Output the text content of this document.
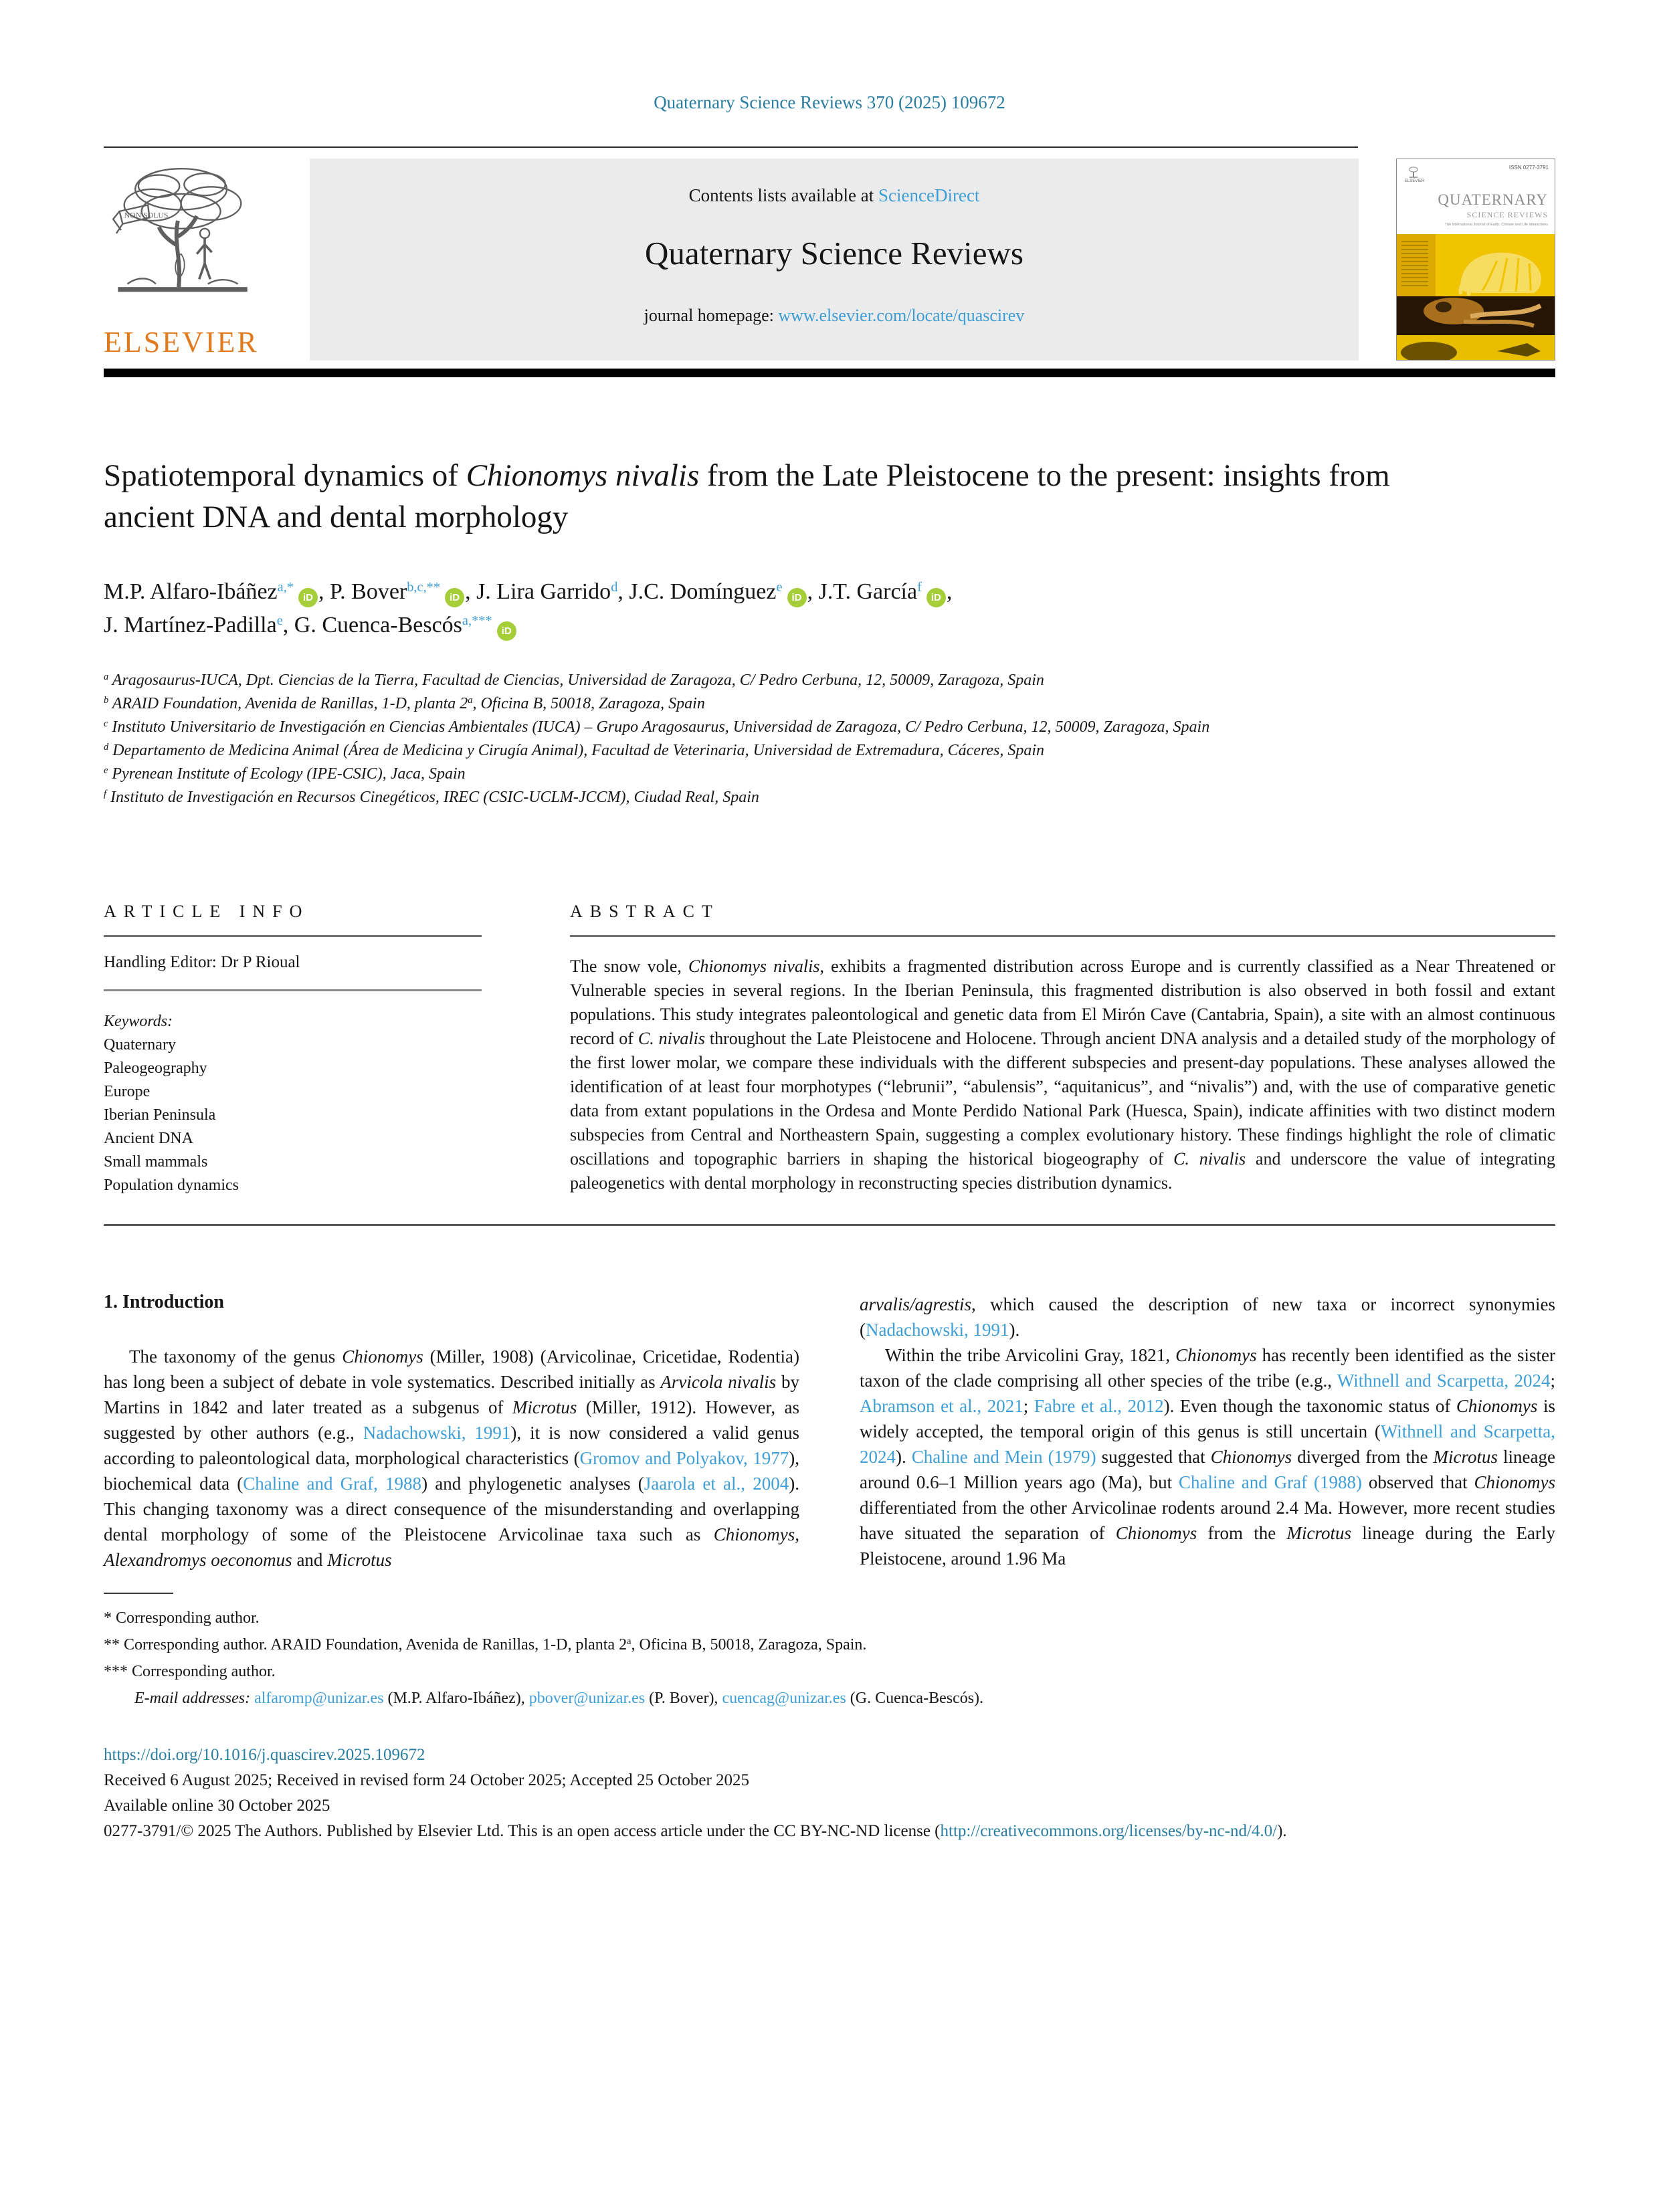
Quaternary Science Reviews 370 (2025) 109672
NON SOLUS
ELSEVIER
Contents lists available at ScienceDirect
Quaternary Science Reviews
journal homepage: www.elsevier.com/locate/quascirev
ISSN 0277-3791
ELSEVIER
QUATERNARY
SCIENCE REVIEWS
The International Journal of Earth, Climate and Life Interactions
Spatiotemporal dynamics of Chionomys nivalis from the Late Pleistocene to the present: insights from ancient DNA and dental morphology
M.P. Alfaro-Ibáñez$^{a,*}$iD , P. Bover$^{b,c,**}$iD , J. Lira Garrido$^d$, J.C. Domínguez$^e$iD , J.T. García$^f$iD ,
J. Martínez-Padilla$^e$, G. Cuenca-Bescós$^{a,***}$iD
$^a$ Aragosaurus-IUCA, Dpt. Ciencias de la Tierra, Facultad de Ciencias, Universidad de Zaragoza, C/ Pedro Cerbuna, 12, 50009, Zaragoza, Spain
$^b$ ARAID Foundation, Avenida de Ranillas, 1-D, planta 2$^a$, Oficina B, 50018, Zaragoza, Spain
$^c$ Instituto Universitario de Investigación en Ciencias Ambientales (IUCA) – Grupo Aragosaurus, Universidad de Zaragoza, C/ Pedro Cerbuna, 12, 50009, Zaragoza, Spain
$^d$ Departamento de Medicina Animal (Área de Medicina y Cirugía Animal), Facultad de Veterinaria, Universidad de Extremadura, Cáceres, Spain
$^e$ Pyrenean Institute of Ecology (IPE-CSIC), Jaca, Spain
$^f$ Instituto de Investigación en Recursos Cinegéticos, IREC (CSIC-UCLM-JCCM), Ciudad Real, Spain
ARTICLE INFO
Handling Editor: Dr P Rioual
Keywords:
Quaternary
Paleogeography
Europe
Iberian Peninsula
Ancient DNA
Small mammals
Population dynamics
ABSTRACT
The snow vole, Chionomys nivalis, exhibits a fragmented distribution across Europe and is currently classified as a Near Threatened or Vulnerable species in several regions. In the Iberian Peninsula, this fragmented distribution is also observed in both fossil and extant populations. This study integrates paleontological and genetic data from El Mirón Cave (Cantabria, Spain), a site with an almost continuous record of C. nivalis throughout the Late Pleistocene and Holocene. Through ancient DNA analysis and a detailed study of the morphology of the first lower molar, we compare these individuals with the different subspecies and present-day populations. These analyses allowed the identification of at least four morphotypes (“lebrunii”, “abulensis”, “aquitanicus”, and “nivalis”) and, with the use of comparative genetic data from extant populations in the Ordesa and Monte Perdido National Park (Huesca, Spain), indicate affinities with two distinct modern subspecies from Central and Northeastern Spain, suggesting a complex evolutionary history. These findings highlight the role of climatic oscillations and topographic barriers in shaping the historical biogeography of C. nivalis and underscore the value of integrating paleogenetics with dental morphology in reconstructing species distribution dynamics.
1. Introduction

The taxonomy of the genus Chionomys (Miller, 1908) (Arvicolinae, Cricetidae, Rodentia) has long been a subject of debate in vole systematics. Described initially as Arvicola nivalis by Martins in 1842 and later treated as a subgenus of Microtus (Miller, 1912). However, as suggested by other authors (e.g., Nadachowski, 1991), it is now considered a valid genus according to paleontological data, morphological characteristics (Gromov and Polyakov, 1977), biochemical data (Chaline and Graf, 1988) and phylogenetic analyses (Jaarola et al., 2004). This changing taxonomy was a direct consequence of the misunderstanding and overlapping dental morphology of some of the Pleistocene Arvicolinae taxa such as Chionomys, Alexandromys oeconomus and Microtus

arvalis/agrestis, which caused the description of new taxa or incorrect synonymies (Nadachowski, 1991).

Within the tribe Arvicolini Gray, 1821, Chionomys has recently been identified as the sister taxon of the clade comprising all other species of the tribe (e.g., Withnell and Scarpetta, 2024; Abramson et al., 2021; Fabre et al., 2012). Even though the taxonomic status of Chionomys is widely accepted, the temporal origin of this genus is still uncertain (Withnell and Scarpetta, 2024). Chaline and Mein (1979) suggested that Chionomys diverged from the Microtus lineage around 0.6–1 Million years ago (Ma), but Chaline and Graf (1988) observed that Chionomys differentiated from the other Arvicolinae rodents around 2.4 Ma. However, more recent studies have situated the separation of Chionomys from the Microtus lineage during the Early Pleistocene, around 1.96 Ma

* Corresponding author.
** Corresponding author. ARAID Foundation, Avenida de Ranillas, 1-D, planta 2$^a$, Oficina B, 50018, Zaragoza, Spain.
*** Corresponding author.
E-mail addresses: alfaromp@unizar.es (M.P. Alfaro-Ibáñez), pbover@unizar.es (P. Bover), cuencag@unizar.es (G. Cuenca-Bescós).
https://doi.org/10.1016/j.quascirev.2025.109672
Received 6 August 2025; Received in revised form 24 October 2025; Accepted 25 October 2025
Available online 30 October 2025
0277-3791/© 2025 The Authors. Published by Elsevier Ltd. This is an open access article under the CC BY-NC-ND license (http://creativecommons.org/licenses/by-nc-nd/4.0/).
